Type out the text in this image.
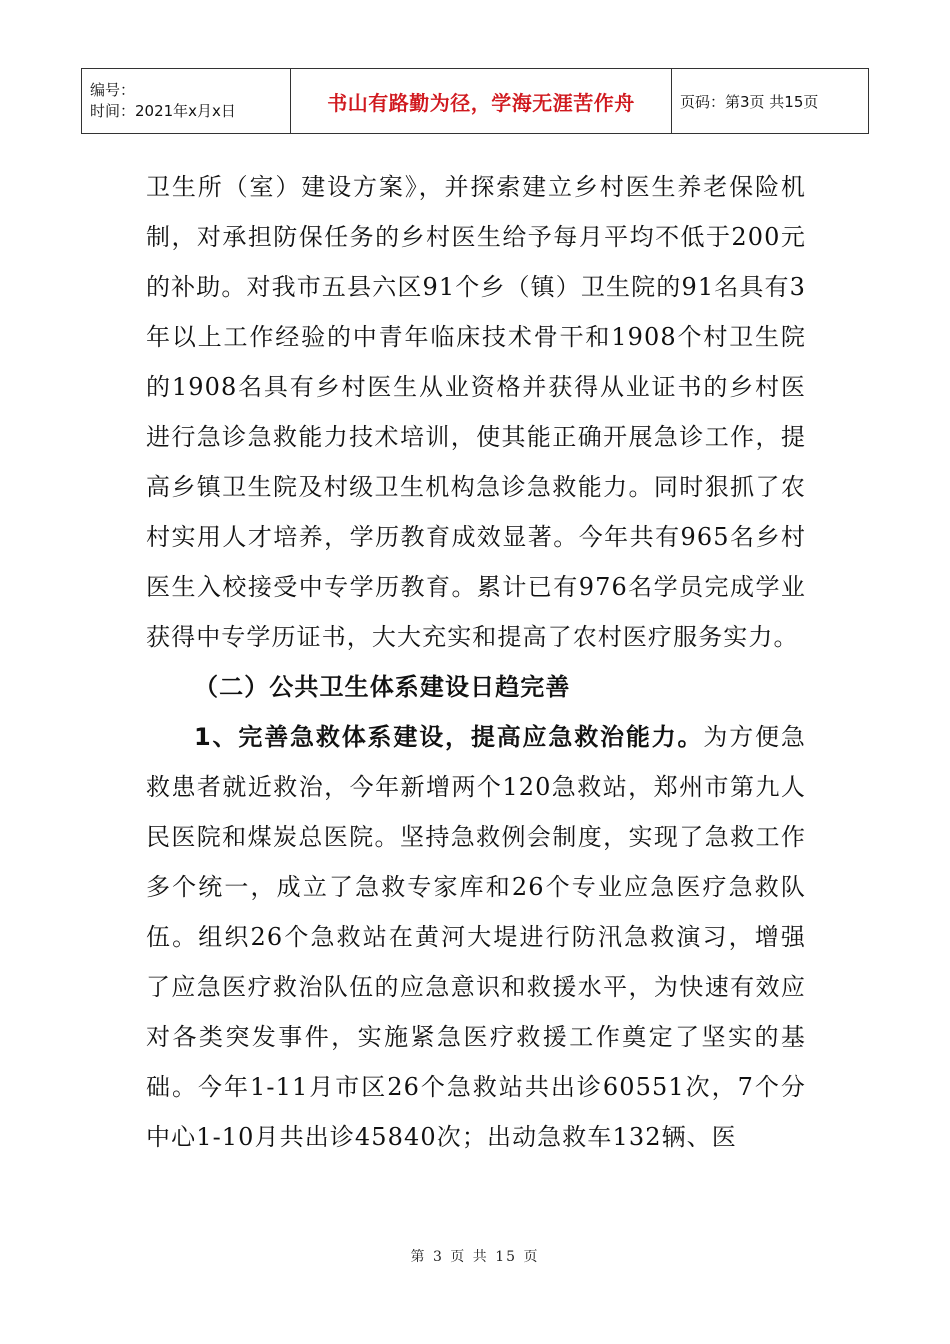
编号：
时间：2021年x月x日	书山有路勤为径，学海无涯苦作舟	页码：第3页 共15页

卫生所（室）建设方案》，并探索建立乡村医生养老保险机制，对承担防保任务的乡村医生给予每月平均不低于200元的补助。对我市五县六区91个乡（镇）卫生院的91名具有3年以上工作经验的中青年临床技术骨干和1908个村卫生院的1908名具有乡村医生从业资格并获得从业证书的乡村医进行急诊急救能力技术培训，使其能正确开展急诊工作，提高乡镇卫生院及村级卫生机构急诊急救能力。同时狠抓了农村实用人才培养，学历教育成效显著。今年共有965名乡村医生入校接受中专学历教育。累计已有976名学员完成学业获得中专学历证书，大大充实和提高了农村医疗服务实力。

（二）公共卫生体系建设日趋完善

1、完善急救体系建设，提高应急救治能力。为方便急救患者就近救治，今年新增两个120急救站，郑州市第九人民医院和煤炭总医院。坚持急救例会制度，实现了急救工作多个统一，成立了急救专家库和26个专业应急医疗急救队伍。组织26个急救站在黄河大堤进行防汛急救演习，增强了应急医疗救治队伍的应急意识和救援水平，为快速有效应对各类突发事件，实施紧急医疗救援工作奠定了坚实的基础。今年1-11月市区26个急救站共出诊60551次，7个分中心1-10月共出诊45840次；出动急救车132辆、医

第 3 页 共 15 页
